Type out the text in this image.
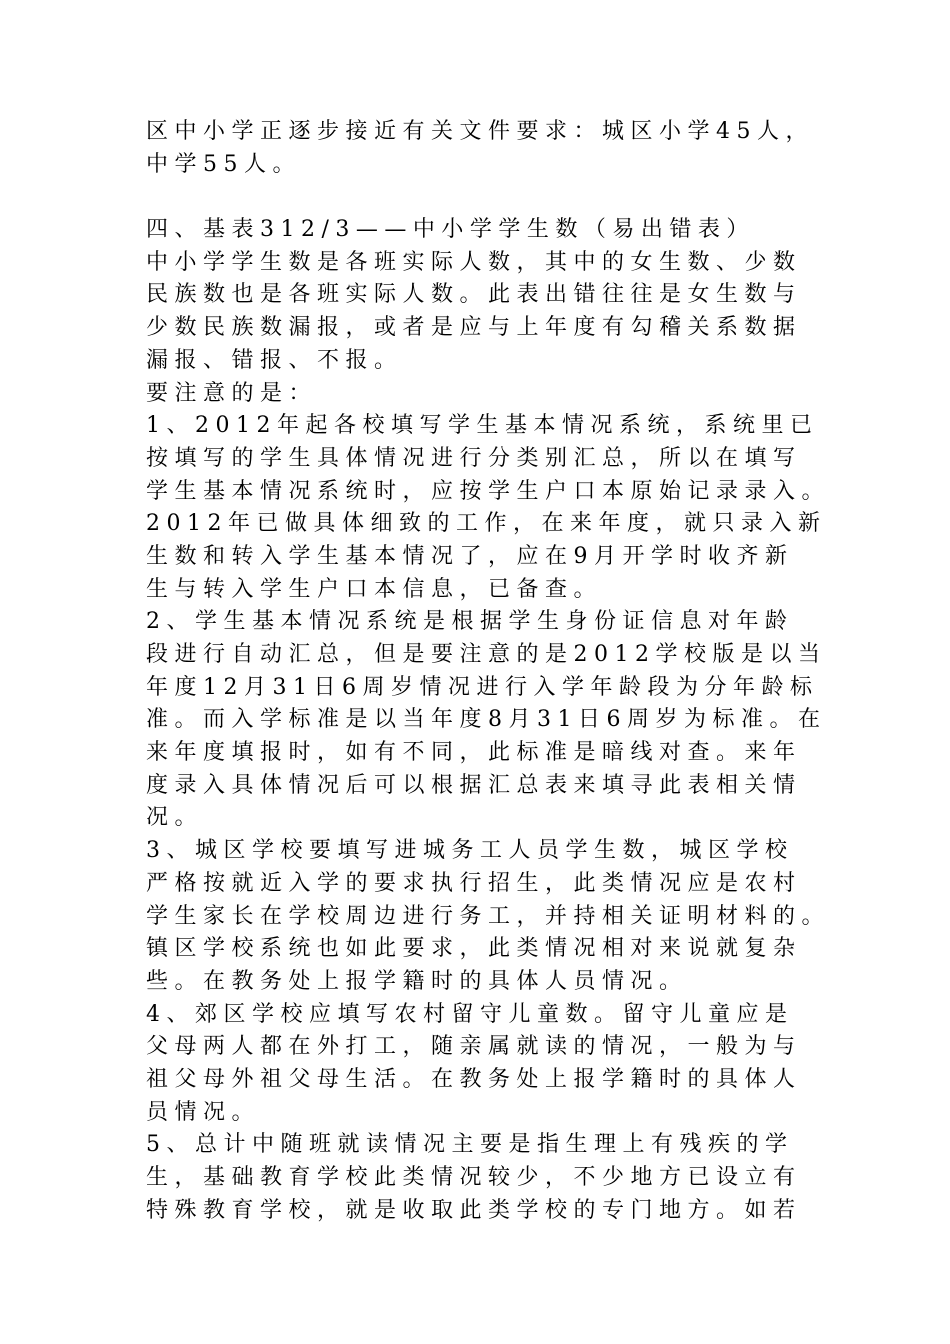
区中小学正逐步接近有关文件要求：城区小学45人，
中学55人。
四、基表312/3——中小学学生数（易出错表）
中小学学生数是各班实际人数，其中的女生数、少数
民族数也是各班实际人数。此表出错往往是女生数与
少数民族数漏报，或者是应与上年度有勾稽关系数据
漏报、错报、不报。
要注意的是：
1、2012年起各校填写学生基本情况系统，系统里已
按填写的学生具体情况进行分类别汇总，所以在填写
学生基本情况系统时，应按学生户口本原始记录录入。
2012年已做具体细致的工作，在来年度，就只录入新
生数和转入学生基本情况了，应在9月开学时收齐新
生与转入学生户口本信息，已备查。
2、学生基本情况系统是根据学生身份证信息对年龄
段进行自动汇总，但是要注意的是2012学校版是以当
年度12月31日6周岁情况进行入学年龄段为分年龄标
准。而入学标准是以当年度8月31日6周岁为标准。在
来年度填报时，如有不同，此标准是暗线对查。来年
度录入具体情况后可以根据汇总表来填寻此表相关情
况。
3、城区学校要填写进城务工人员学生数，城区学校
严格按就近入学的要求执行招生，此类情况应是农村
学生家长在学校周边进行务工，并持相关证明材料的。
镇区学校系统也如此要求，此类情况相对来说就复杂
些。在教务处上报学籍时的具体人员情况。
4、郊区学校应填写农村留守儿童数。留守儿童应是
父母两人都在外打工，随亲属就读的情况，一般为与
祖父母外祖父母生活。在教务处上报学籍时的具体人
员情况。
5、总计中随班就读情况主要是指生理上有残疾的学
生，基础教育学校此类情况较少，不少地方已设立有
特殊教育学校，就是收取此类学校的专门地方。如若
